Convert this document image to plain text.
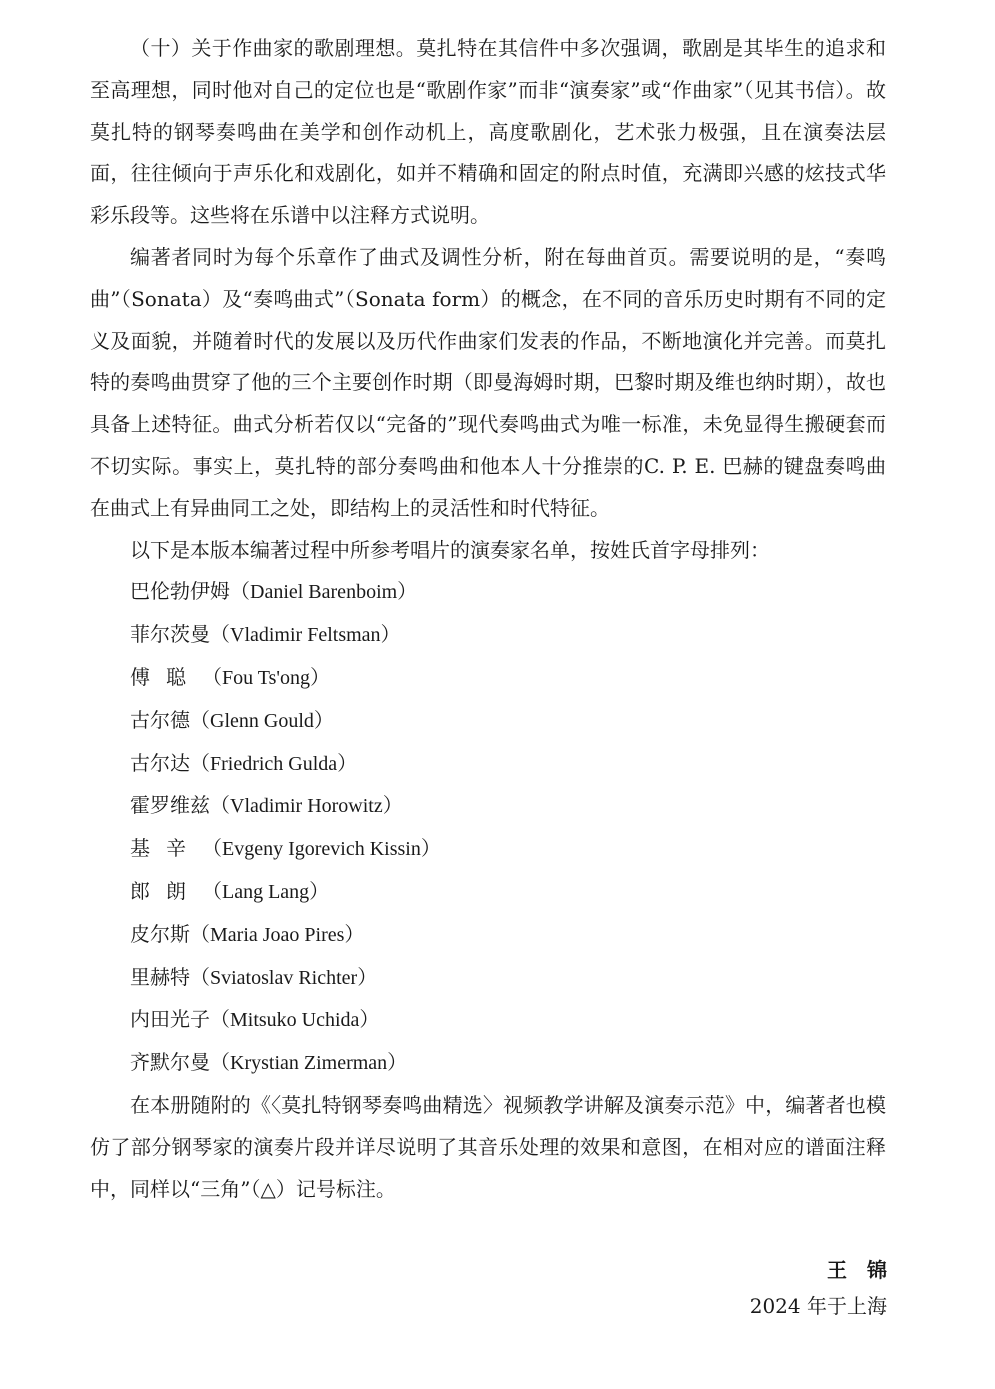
（十）关于作曲家的歌剧理想。莫扎特在其信件中多次强调，歌剧是其毕生的追求和至高理想，同时他对自己的定位也是“歌剧作家”而非“演奏家”或“作曲家”（见其书信）。故莫扎特的钢琴奏鸣曲在美学和创作动机上，高度歌剧化，艺术张力极强，且在演奏法层面，往往倾向于声乐化和戏剧化，如并不精确和固定的附点时值，充满即兴感的炫技式华彩乐段等。这些将在乐谱中以注释方式说明。

编著者同时为每个乐章作了曲式及调性分析，附在每曲首页。需要说明的是，“奏鸣曲”（Sonata）及“奏鸣曲式”（Sonata form）的概念，在不同的音乐历史时期有不同的定义及面貌，并随着时代的发展以及历代作曲家们发表的作品，不断地演化并完善。而莫扎特的奏鸣曲贯穿了他的三个主要创作时期（即曼海姆时期，巴黎时期及维也纳时期），故也具备上述特征。曲式分析若仅以“完备的”现代奏鸣曲式为唯一标准，未免显得生搬硬套而不切实际。事实上，莫扎特的部分奏鸣曲和他本人十分推崇的C. P. E. 巴赫的键盘奏鸣曲在曲式上有异曲同工之处，即结构上的灵活性和时代特征。

以下是本版本编著过程中所参考唱片的演奏家名单，按姓氏首字母排列：

巴伦勃伊姆（Daniel Barenboim）
菲尔茨曼（Vladimir Feltsman）
傅聪（Fou Ts'ong）
古尔德（Glenn Gould）
古尔达（Friedrich Gulda）
霍罗维兹（Vladimir Horowitz）
基辛（Evgeny Igorevich Kissin）
郎朗（Lang Lang）
皮尔斯（Maria Joao Pires）
里赫特（Sviatoslav Richter）
内田光子（Mitsuko Uchida）
齐默尔曼（Krystian Zimerman）

在本册随附的《〈莫扎特钢琴奏鸣曲精选〉视频教学讲解及演奏示范》中，编著者也模仿了部分钢琴家的演奏片段并详尽说明了其音乐处理的效果和意图，在相对应的谱面注释中，同样以“三角”（△）记号标注。

王锦
2024 年于上海
